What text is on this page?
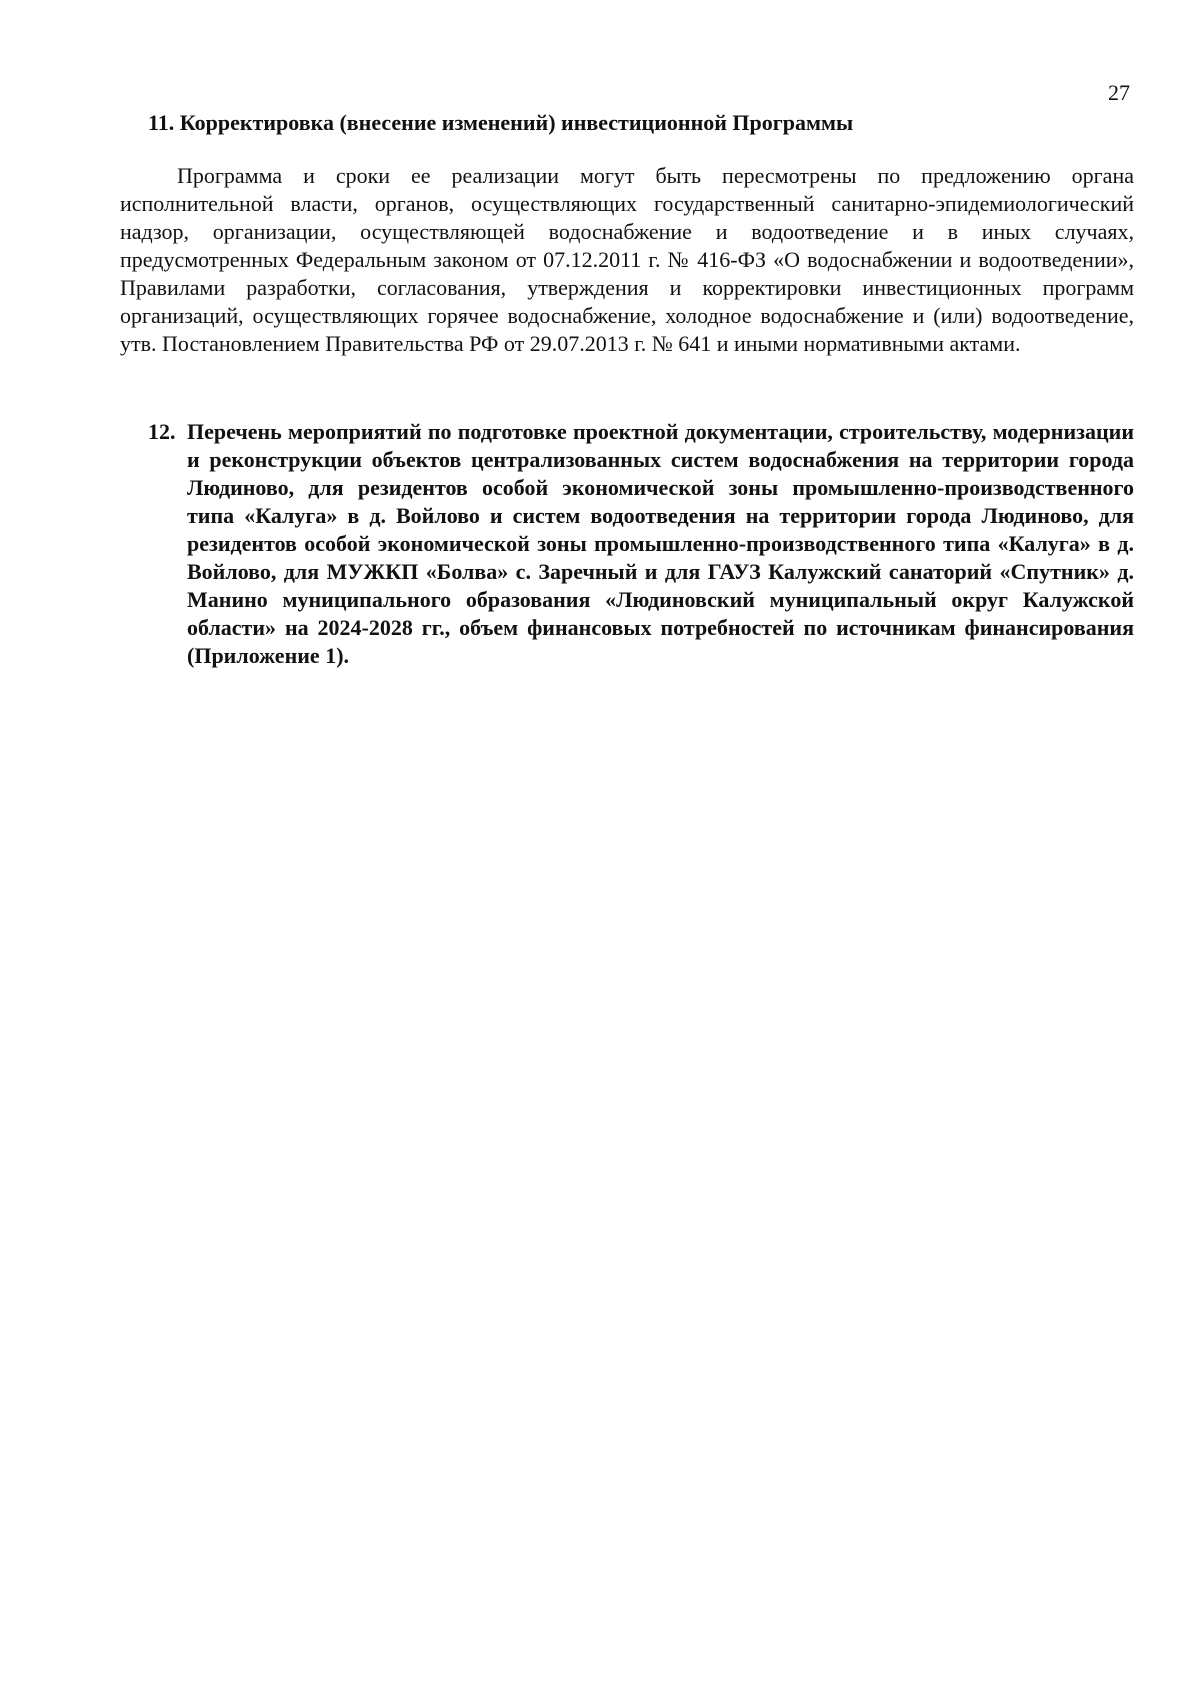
27
11. Корректировка (внесение изменений) инвестиционной Программы
Программа и сроки ее реализации могут быть пересмотрены по предложению органа исполнительной власти, органов, осуществляющих государственный санитарно-эпидемиологический надзор, организации, осуществляющей водоснабжение и водоотведение и в иных случаях, предусмотренных Федеральным законом от 07.12.2011 г. № 416-ФЗ «О водоснабжении и водоотведении», Правилами разработки, согласования, утверждения и корректировки инвестиционных программ организаций, осуществляющих горячее водоснабжение, холодное водоснабжение и (или) водоотведение, утв. Постановлением Правительства РФ от 29.07.2013 г. № 641 и иными нормативными актами.
12. Перечень мероприятий по подготовке проектной документации, строительству, модернизации и реконструкции объектов централизованных систем водоснабжения на территории города Людиново, для резидентов особой экономической зоны промышленно-производственного типа «Калуга» в д. Войлово и систем водоотведения на территории города Людиново, для резидентов особой экономической зоны промышленно-производственного типа «Калуга» в д. Войлово, для МУЖКП «Болва» с. Заречный и для ГАУЗ Калужский санаторий «Спутник» д. Манино муниципального образования «Людиновский муниципальный округ Калужской области» на 2024-2028 гг., объем финансовых потребностей по источникам финансирования (Приложение 1).
